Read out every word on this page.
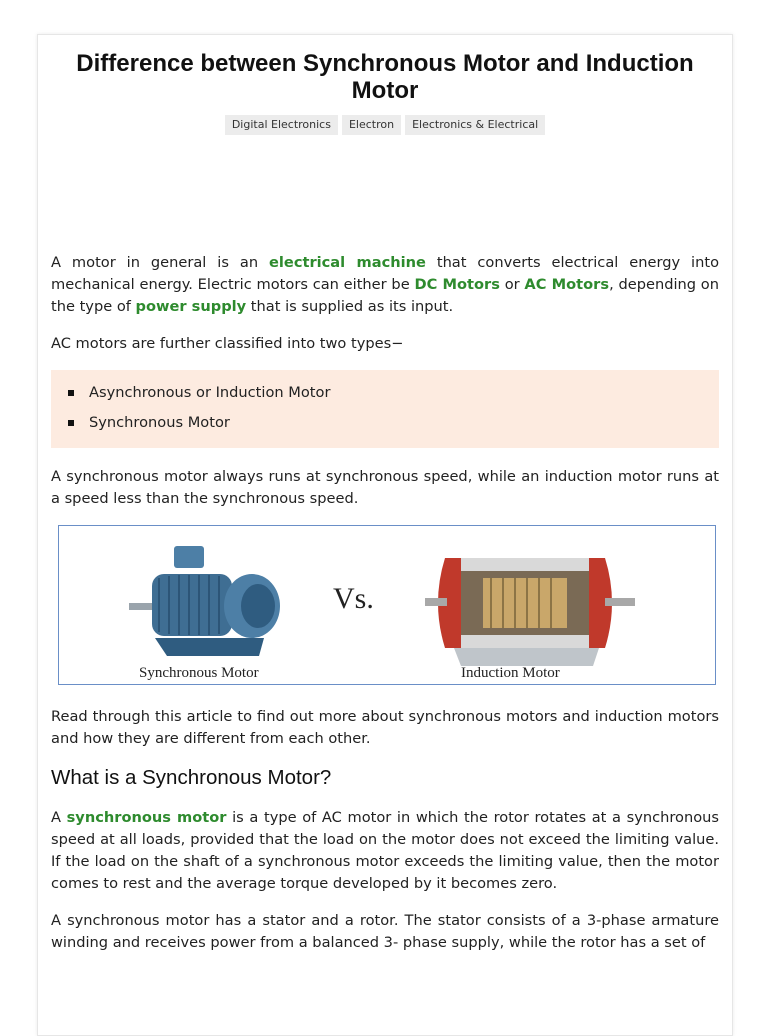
Difference between Synchronous Motor and Induction Motor
Digital Electronics Electron Electronics & Electrical

A motor in general is an electrical machine that converts electrical energy into mechanical energy. Electric motors can either be DC Motors or AC Motors, depending on the type of power supply that is supplied as its input.

AC motors are further classified into two types−

Asynchronous or Induction Motor
Synchronous Motor

A synchronous motor always runs at synchronous speed, while an induction motor runs at a speed less than the synchronous speed.

Synchronous Motor
Vs.
Induction Motor

Read through this article to find out more about synchronous motors and induction motors and how they are different from each other.

What is a Synchronous Motor?

A synchronous motor is a type of AC motor in which the rotor rotates at a synchronous speed at all loads, provided that the load on the motor does not exceed the limiting value. If the load on the shaft of a synchronous motor exceeds the limiting value, then the motor comes to rest and the average torque developed by it becomes zero.

A synchronous motor has a stator and a rotor. The stator consists of a 3-phase armature winding and receives power from a balanced 3- phase supply, while the rotor has a set of
